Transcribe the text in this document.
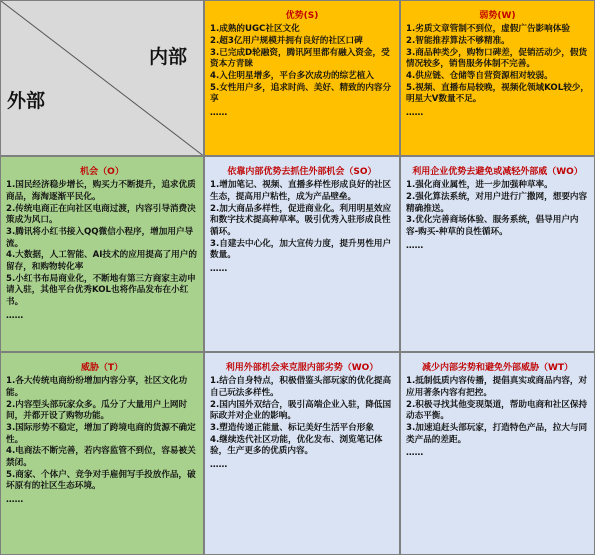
内部
外部
优势(S)
1.成熟的UGC社区文化
2.超3亿用户规模并拥有良好的社区口碑
3.已完成D轮融资，腾讯阿里都有融入资金，受资本方青睐
4.入住明星增多，平台多次成功的综艺植入
5.女性用户多，追求时尚、美好、精致的内容分享
……
弱势(W)
1.劣质文章管制不到位，虚假广告影响体验
2.智能推荐算法不够精准。
3.商品种类少，购物口碑差，促销活动少，假货情况较多，销售服务体制不完善。
4.供应链、仓储等自营资源相对较弱。
5.视频、直播布局较晚，视频化领域KOL较少，明星大V数量不足。
……
机会（O）
1.国民经济稳步增长，购买力不断提升，追求优质商品，海淘逐渐平民化。
2.传统电商正在向社区电商过渡，内容引导消费决策成为风口。
3.腾讯将小红书接入QQ微信小程序，增加用户导流。
4.大数据，人工智能、AI技术的应用提高了用户的留存，和购物转化率
5.小红书布局商业化，不断地有第三方商家主动申请入驻，其他平台优秀KOL也将作品发布在小红书。
……
依靠内部优势去抓住外部机会（SO）
1.增加笔记、视频、直播多样性形成良好的社区生态，提高用户粘性，成为产品壁垒。
2.加大商品多样性，促进商业化。利用明星效应和数字技术提高种草率。吸引优秀入驻形成良性循环。
3.自建去中心化，加大宣传力度，提升男性用户数量。
……
利用企业优势去避免或减轻外部威（WO）
1.强化商业属性，进一步加强种草率。
2.强化算法系统，对用户进行广撒网，想要内容精确推送。
3.优化完善商场体验、服务系统，倡导用户内容-购买-种草的良性循环。
……
威胁（T）
1.各大传统电商纷纷增加内容分享，社区文化功能。
2.内容型头部玩家众多。瓜分了大量用户上网时间，并都开设了购物功能。
3.国际形势不稳定，增加了跨境电商的货源不确定性。
4.电商法不断完善，若内容监管不到位，容易被关禁闭。
5.商家、个体户、竞争对手雇佣写手投放作品，破坏原有的社区生态环境。
……
利用外部机会来克服内部劣势（WO）
1.结合自身特点，积极借鉴头部玩家的优化提高自己玩法多样性。
2.国内国外双结合，吸引高端企业入驻，降低国际政并对企业的影响。
3.塑造传递正能量、标记美好生活平台形象
4.继续迭代社区功能，优化发布、浏览笔记体验，生产更多的优质内容。
……
减少内部劣势和避免外部威胁（WT）
1.抵制低质内容传播，提倡真实或商品内容，对应用著条内容有把控。
2.积极寻找其他变现渠道，帮助电商和社区保持动态平衡。
3.加速追赶头部玩家，打造特色产品，拉大与同类产品的差距。
……
